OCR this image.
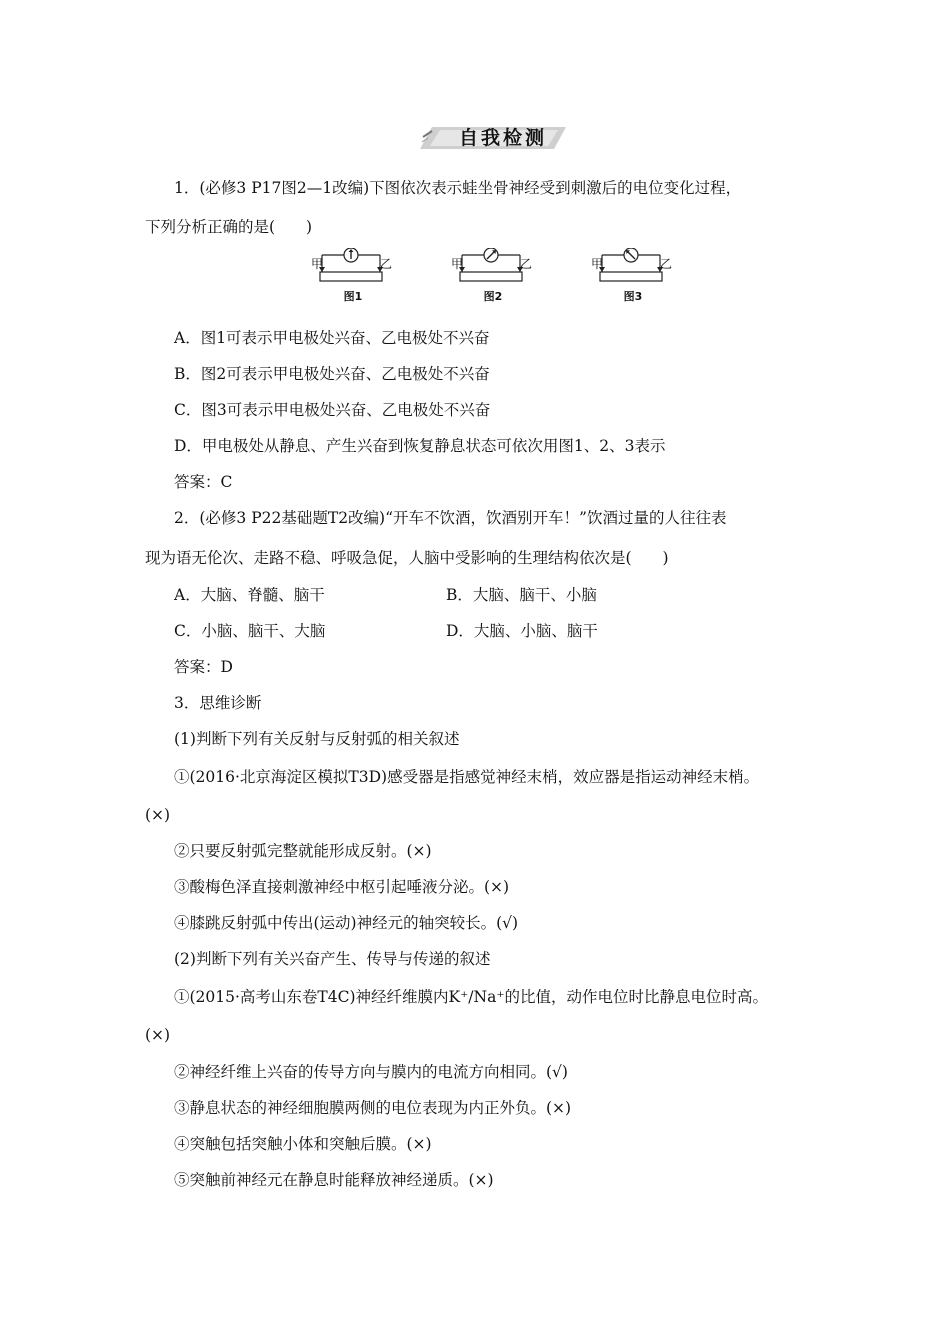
自我检测
1．(必修3 P17图2—1改编)下图依次表示蛙坐骨神经受到刺激后的电位变化过程，
下列分析正确的是(　　)
甲	乙
图1
甲	乙
图2
甲	乙
图3
A．图1可表示甲电极处兴奋、乙电极处不兴奋
B．图2可表示甲电极处兴奋、乙电极处不兴奋
C．图3可表示甲电极处兴奋、乙电极处不兴奋
D．甲电极处从静息、产生兴奋到恢复静息状态可依次用图1、2、3表示
答案：C
2．(必修3 P22基础题T2改编)“开车不饮酒，饮酒别开车！”饮酒过量的人往往表
现为语无伦次、走路不稳、呼吸急促，人脑中受影响的生理结构依次是(　　)
A．大脑、脊髓、脑干	B．大脑、脑干、小脑
C．小脑、脑干、大脑	D．大脑、小脑、脑干
答案：D
3．思维诊断
(1)判断下列有关反射与反射弧的相关叙述
①(2016·北京海淀区模拟T3D)感受器是指感觉神经末梢，效应器是指运动神经末梢。
(×)
②只要反射弧完整就能形成反射。(×)
③酸梅色泽直接刺激神经中枢引起唾液分泌。(×)
④膝跳反射弧中传出(运动)神经元的轴突较长。(√)
(2)判断下列有关兴奋产生、传导与传递的叙述
①(2015·高考山东卷T4C)神经纤维膜内K⁺/Na⁺的比值，动作电位时比静息电位时高。
(×)
②神经纤维上兴奋的传导方向与膜内的电流方向相同。(√)
③静息状态的神经细胞膜两侧的电位表现为内正外负。(×)
④突触包括突触小体和突触后膜。(×)
⑤突触前神经元在静息时能释放神经递质。(×)
